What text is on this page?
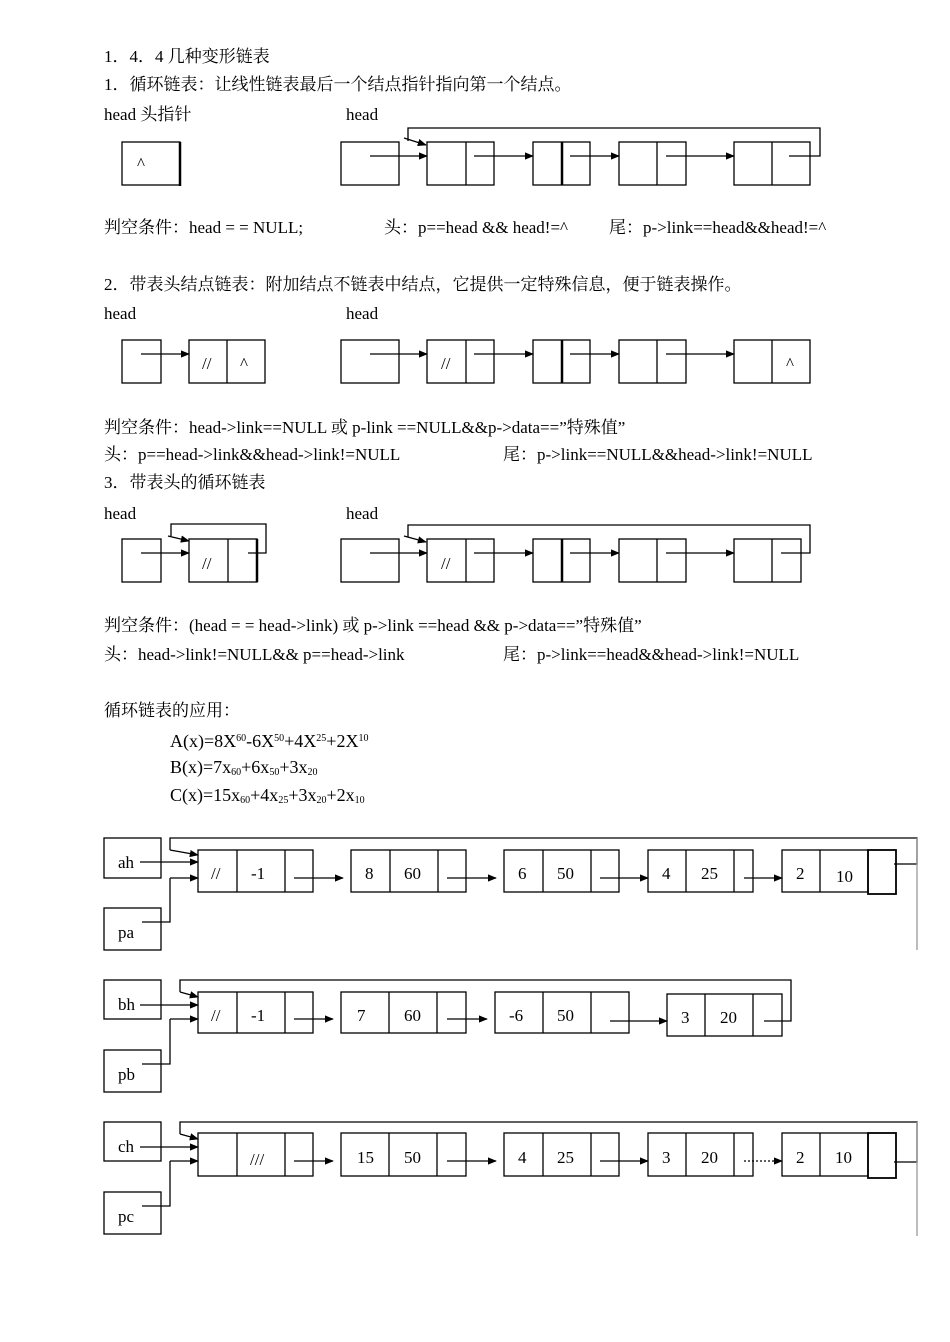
1．4．4 几种变形链表
1．循环链表：让线性链表最后一个结点指针指向第一个结点。
head 头指针	head
判空条件：head = = NULL;	头：p==head && head!=^ 尾：p->link==head&&head!=^
2．带表头结点链表：附加结点不链表中结点，它提供一定特殊信息，便于链表操作。
head	head
判空条件：head->link==NULL 或 p-link ==NULL&&p->data==”特殊值”
头：p==head->link&&head->link!=NULL	尾：p->link==NULL&&head->link!=NULL
3．带表头的循环链表
head	head
判空条件：(head = = head->link) 或 p->link ==head && p->data==”特殊值”
头：head->link!=NULL&& p==head->link	尾：p->link==head&&head->link!=NULL
循环链表的应用：
$A(x)=8X^{60}-6X^{50}+4X^{25}+2X^{10}$
$B(x)=7x_{60}+6x_{50}+3x_{20}$
$C(x)=15x_{60}+4x_{25}+3x_{20}+2x_{10}$
^
// ^	//	^
//	//
ah
pa
// -1	8 60	6 50	4 25	2 10
bh
pb
// -1	7 60	-6 50	3 20
ch
pc
///	15 50	4 25	3 20	2 10
